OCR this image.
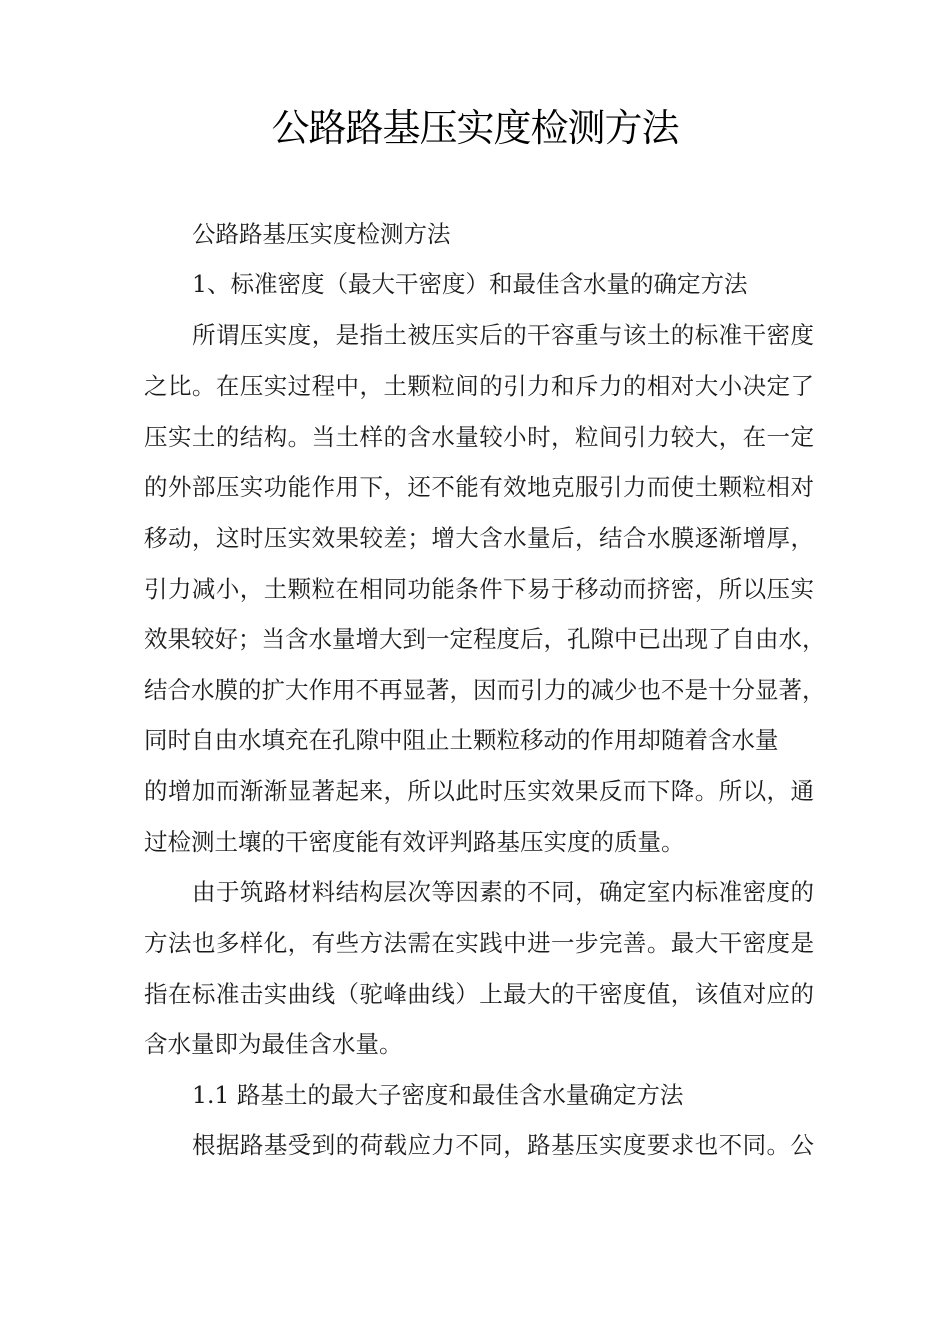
公路路基压实度检测方法
公路路基压实度检测方法
1、标准密度（最大干密度）和最佳含水量的确定方法
所谓压实度，是指土被压实后的干容重与该土的标准干密度
之比。在压实过程中，土颗粒间的引力和斥力的相对大小决定了
压实土的结构。当土样的含水量较小时，粒间引力较大，在一定
的外部压实功能作用下，还不能有效地克服引力而使土颗粒相对
移动，这时压实效果较差；增大含水量后，结合水膜逐渐增厚，
引力减小，土颗粒在相同功能条件下易于移动而挤密，所以压实
效果较好；当含水量增大到一定程度后，孔隙中已出现了自由水，
结合水膜的扩大作用不再显著，因而引力的减少也不是十分显著，
同时自由水填充在孔隙中阻止土颗粒移动的作用却随着含水量
的增加而渐渐显著起来，所以此时压实效果反而下降。所以，通
过检测土壤的干密度能有效评判路基压实度的质量。
由于筑路材料结构层次等因素的不同，确定室内标准密度的
方法也多样化，有些方法需在实践中进一步完善。最大干密度是
指在标准击实曲线（驼峰曲线）上最大的干密度值，该值对应的
含水量即为最佳含水量。
1.1 路基土的最大子密度和最佳含水量确定方法
根据路基受到的荷载应力不同，路基压实度要求也不同。公
